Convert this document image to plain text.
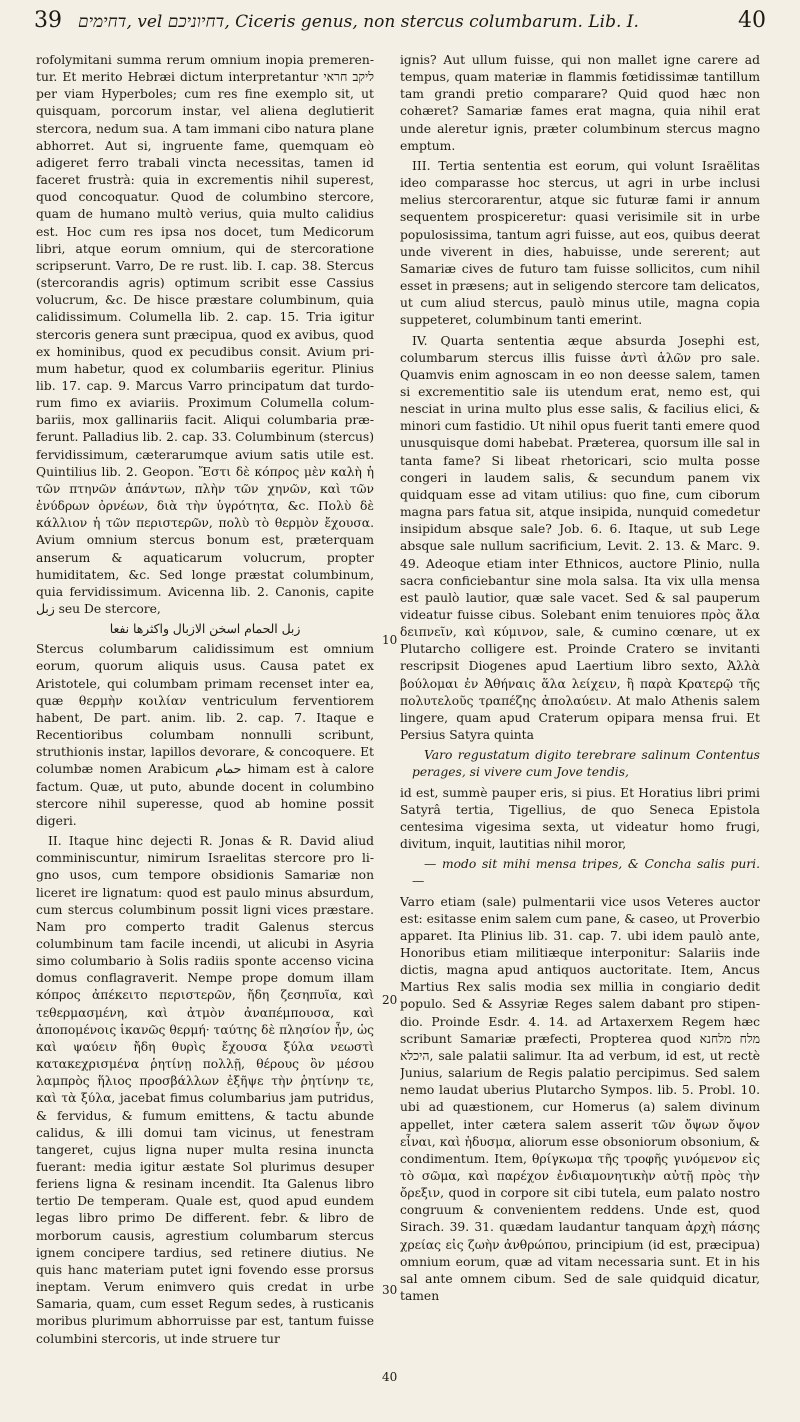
39 דחימים, vel דחיוניכם, Ciceris genus, non stercus columbarum. Lib. I.	40

rofolymitani summa rerum omnium inopia premerentur. Et merito Hebræi dictum interpretantur ליקב חראי per viam Hyperboles; cum res fine exemplo sit, ut quisquam, porcorum instar, vel aliena deglutierit stercora, nedum sua. A tam immani cibo natura plane abhorret. Aut si, ingruente fame, quemquam eò adigeret ferro trabali vincta necessitas, tamen id faceret frustrà: quia in excrementis nihil superest, quod concoquatur. Quod de columbino stercore, quam de humano multò verius, quia multo calidius est. Hoc cum res ipsa nos docet, tum Medicorum libri, atque eorum omnium, qui de stercoratione scripserunt. Varro, De re rust. lib. I. cap. 38. Stercus (stercorandis agris) optimum scribit esse Cassius volucrum, &c. De hisce præstare columbinum, quia calidissimum. Columella lib. 2. cap. 15. Tria igitur stercoris genera sunt præcipua, quod ex avibus, quod ex hominibus, quod ex pecudibus consit. Avium primum habetur, quod ex columbariis egeritur. Plinius lib. 17. cap. 9. Marcus Varro principatum dat turdorum fimo ex aviariis. Proximum Columella columbariis, mox gallinariis facit. Aliqui columbaria præferunt. Palladius lib. 2. cap. 33. Columbinum (stercus) fervidissimum, cæterarumque avium satis utile est. Quintilius lib. 2. Geopon. Ἔστι δὲ κόπρος μὲν καλὴ ἡ τῶν πτηνῶν ἁπάντων, πλὴν τῶν χηνῶν, καὶ τῶν ἐνύδρων ὀρνέων, διὰ τὴν ὑγρότητα, &c. Πολὺ δὲ κάλλιον ἡ τῶν περιστερῶν, πολὺ τὸ θερμὸν ἔχουσα. Avium omnium stercus bonum est, præterquam anserum & aquaticarum volucrum, propter humiditatem, &c. Sed longe præstat columbinum, quia fervidissimum. Avicenna lib. 2. Canonis, capite زبل seu De stercore,

زبل الحمام اسخن الازبال واكثرها نفعا

Stercus columbarum calidissimum est omnium eorum, quorum aliquis usus. Causa patet ex Aristotele, qui columbam primam recenset inter ea, quæ θερμὴν κοιλίαν ventriculum ferventiorem habent, De part. anim. lib. 2. cap. 7. Itaque e Recentioribus columbam nonnulli scribunt, struthionis instar, lapillos devorare, & concoquere. Et columbæ nomen Arabicum حمام himam est à calore factum. Quæ, ut puto, abunde docent in columbino stercore nihil superesse, quod ab homine possit digeri.

II. Itaque hinc dejecti R. Jonas & R. David aliud comminiscuntur, nimirum Israelitas stercore pro ligno usos, cum tempore obsidionis Samariæ non liceret ire lignatum: quod est paulo minus absurdum, cum stercus columbinum possit ligni vices præstare. Nam pro comperto tradit Galenus stercus columbinum tam facile incendi, ut alicubi in Asyria simo columbario à Solis radiis sponte accenso vicina domus conflagraverit. Nempe prope domum illam κόπρος ἀπέκειτο περιστερῶν, ἤδη ζεσηπυῖα, καὶ τεθερμασμένη, καὶ ἀτμὸν ἀναπέμπουσα, καὶ ἀποπομένοις ἱκανῶς θερμή· ταύτης δὲ πλησίον ἦν, ὡς καὶ ψαύειν ἤδη θυρὶς ἔχουσα ξύλα νεωστὶ κατακεχρισμένα ῥητίνῃ πολλῇ, θέρους ὂν μέσου λαμπρὸς ἥλιος προσβάλλων ἐξῆψε τὴν ῥητίνην τε, καὶ τὰ ξύλα, jacebat fimus columbarius jam putridus, & fervidus, & fumum emittens, & tactu abunde calidus, & illi domui tam vicinus, ut fenestram tangeret, cujus ligna nuper multa resina inuncta fuerant: media igitur æstate Sol plurimus desuper feriens ligna & resinam incendit. Ita Galenus libro tertio De temperam. Quale est, quod apud eundem legas libro primo De different. febr. & libro de morborum causis, agrestium columbarum stercus ignem concipere tardius, sed retinere diutius. Ne quis hanc materiam putet igni fovendo esse prorsus ineptam. Verum enimvero quis credat in urbe Samaria, quam, cum esset Regum sedes, à rusticanis moribus plurimum abhorruisse par est, tantum fuisse columbini stercoris, ut inde struere tur

10
20
30
40

ignis? Aut ullum fuisse, qui non mallet igne carere ad tempus, quam materiæ in flammis fœtidissimæ tantillum tam grandi pretio comparare? Quid quod hæc non cohæret? Samariæ fames erat magna, quia nihil erat unde aleretur ignis, præter columbinum stercus magno emptum.

III. Tertia sententia est eorum, qui volunt Israëlitas ideo comparasse hoc stercus, ut agri in urbe inclusi melius stercorarentur, atque sic futuræ fami ir annum sequentem prospiceretur: quasi verisimile sit in urbe populosissima, tantum agri fuisse, aut eos, quibus deerat unde viverent in dies, habuisse, unde sererent; aut Samariæ cives de futuro tam fuisse sollicitos, cum nihil esset in præsens; aut in seligendo stercore tam delicatos, ut cum aliud stercus, paulò minus utile, magna copia suppeteret, columbinum tanti emerint.

IV. Quarta sententia æque absurda Josephi est, columbarum stercus illis fuisse ἀντὶ ἁλῶν pro sale. Quamvis enim agnoscam in eo non deesse salem, tamen si excrementitio sale iis utendum erat, nemo est, qui nesciat in urina multo plus esse salis, & facilius elici, & minori cum fastidio. Ut nihil opus fuerit tanti emere quod unusquisque domi habebat. Præterea, quorsum ille sal in tanta fame? Si libeat rhetoricari, scio multa posse congeri in laudem salis, & secundum panem vix quidquam esse ad vitam utilius: quo fine, cum ciborum magna pars fatua sit, atque insipida, nunquid comedetur insipidum absque sale? Job. 6. 6. Itaque, ut sub Lege absque sale nullum sacrificium, Levit. 2. 13. & Marc. 9. 49. Adeoque etiam inter Ethnicos, auctore Plinio, nulla sacra conficiebantur sine mola salsa. Ita vix ulla mensa est paulò lautior, quæ sale vacet. Sed & sal pauperum videatur fuisse cibus. Solebant enim tenuiores πρὸς ἅλα δειπνεῖν, καὶ κύμινον, sale, & cumino cœnare, ut ex Plutarcho colligere est. Proinde Cratero se invitanti rescripsit Diogenes apud Laertium libro sexto, Ἀλλὰ βούλομαι ἐν Ἀθήναις ἅλα λείχειν, ἢ παρὰ Κρατερῷ τῆς πολυτελοῦς τραπέζης ἀπολαύειν. At malo Athenis salem lingere, quam apud Craterum opipara mensa frui. Et Persius Satyra quinta

Varo regustatum digito terebrare salinum Contentus perages, si vivere cum Jove tendis,

id est, summè pauper eris, si pius. Et Horatius libri primi Satyrâ tertia, Tigellius, de quo Seneca Epistola centesima vigesima sexta, ut videatur homo frugi, divitum, inquit, lautitias nihil moror,

— modo sit mihi mensa tripes, & Concha salis puri. —

Varro etiam (sale) pulmentarii vice usos Veteres auctor est: esitasse enim salem cum pane, & caseo, ut Proverbio apparet. Ita Plinius lib. 31. cap. 7. ubi idem paulò ante, Honoribus etiam militiæque interponitur: Salariis inde dictis, magna apud antiquos auctoritate. Item, Ancus Martius Rex salis modia sex millia in congiario dedit populo. Sed & Assyriæ Reges salem dabant pro stipendio. Proinde Esdr. 4. 14. ad Artaxerxem Regem hæc scribunt Samariæ præfecti, Propterea quod מלח מלחנא היכלא, sale palatii salimur. Ita ad verbum, id est, ut rectè Junius, salarium de Regis palatio percipimus. Sed salem nemo laudat uberius Plutarcho Sympos. lib. 5. Probl. 10. ubi ad quæstionem, cur Homerus (a) salem divinum appellet, inter cætera salem asserit τῶν ὄψων ὄψον εἶναι, καὶ ἡδυσμα, aliorum esse obsoniorum obsonium, & condimentum. Item, θρίγκωμα τῆς τροφῆς γινόμενον εἰς τὸ σῶμα, καὶ παρέχον ἐνδιαμονητικὴν αὐτῇ πρὸς τὴν ὄρεξιν, quod in corpore sit cibi tutela, eum palato nostro congruum & convenientem reddens. Unde est, quod Sirach. 39. 31. quædam laudantur tanquam ἀρχὴ πάσης χρείας εἰς ζωὴν ἀνθρώπου, principium (id est, præcipua) omnium eorum, quæ ad vitam necessaria sunt. Et in his sal ante omnem cibum. Sed de sale quidquid dicatur, tamen
